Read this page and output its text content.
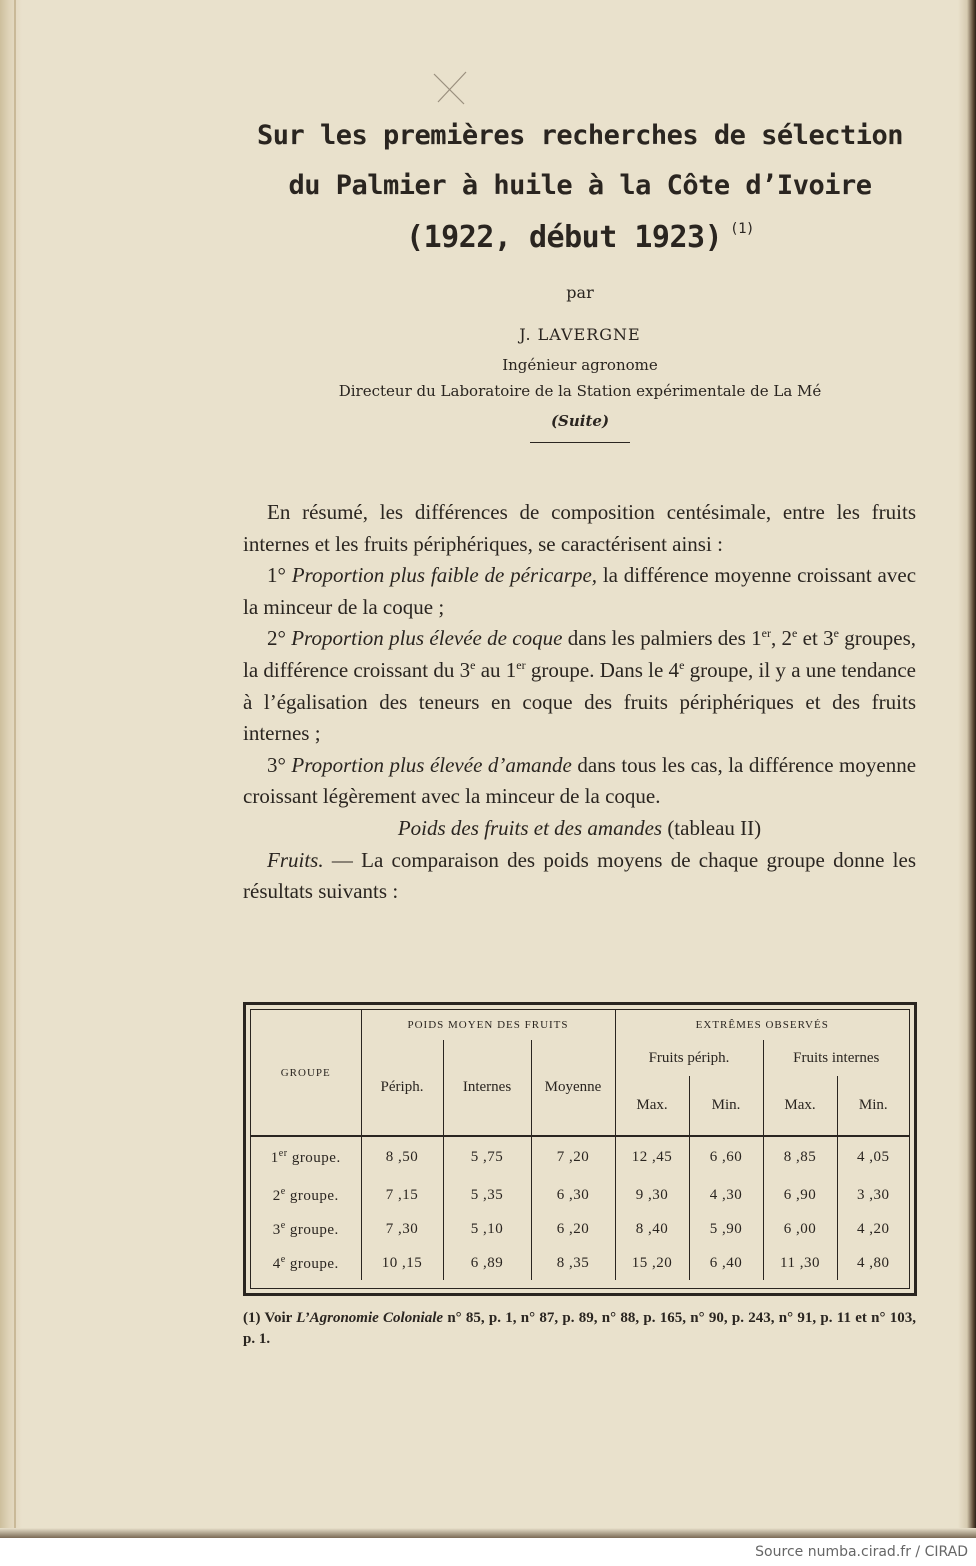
Sur les premières recherches de sélection
du Palmier à huile à la Côte d’Ivoire
(1922, début 1923) $^{(1)}$
par
J. LAVERGNE
Ingénieur agronome
Directeur du Laboratoire de la Station expérimentale de La Mé
(Suite)

En résumé, les différences de composition centésimale, entre les fruits internes et les fruits périphériques, se caractérisent ainsi :

1° Proportion plus faible de péricarpe, la différence moyenne croissant avec la minceur de la coque ;

2° Proportion plus élevée de coque dans les palmiers des 1er, 2e et 3e groupes, la différence croissant du 3e au 1er groupe. Dans le 4e groupe, il y a une tendance à l’égalisation des teneurs en coque des fruits périphériques et des fruits internes ;

3° Proportion plus élevée d’amande dans tous les cas, la différence moyenne croissant légèrement avec la minceur de la coque.

Poids des fruits et des amandes (tableau II)

Fruits. — La comparaison des poids moyens de chaque groupe donne les résultats suivants :

GROUPE	POIDS MOYEN DES FRUITS			EXTRÊMES OBSERVÉS			
	Périph.	Internes	Moyenne	Fruits périph.		Fruits internes	
				Max.	Min.	Max.	Min.
1er groupe.	8 ,50	5 ,75	7 ,20	12 ,45	6 ,60	8 ,85	4 ,05
2e groupe.	7 ,15	5 ,35	6 ,30	9 ,30	4 ,30	6 ,90	3 ,30
3e groupe.	7 ,30	5 ,10	6 ,20	8 ,40	5 ,90	6 ,00	4 ,20
4e groupe.	10 ,15	6 ,89	8 ,35	15 ,20	6 ,40	11 ,30	4 ,80
(1) Voir L’Agronomie Coloniale n° 85, p. 1, n° 87, p. 89, n° 88, p. 165, n° 90, p. 243, n° 91, p. 11 et n° 103, p. 1.
Source numba.cirad.fr / CIRAD
